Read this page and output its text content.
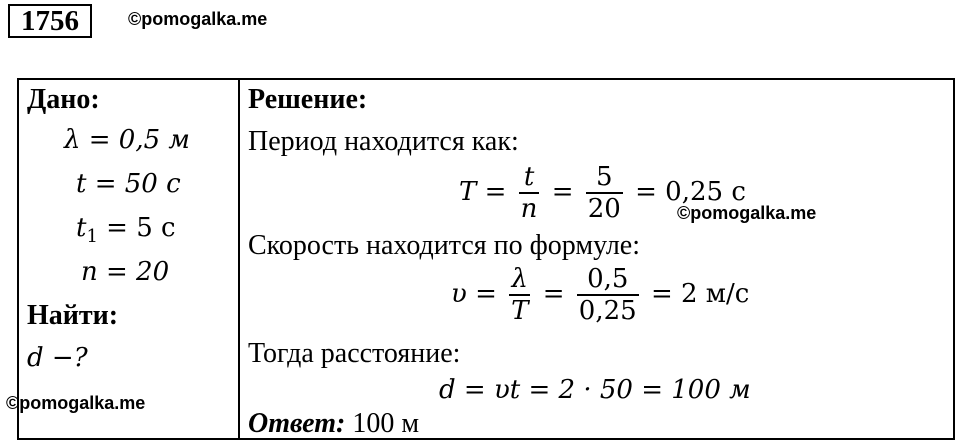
1756	©pomogalka.me
Дано:
λ = 0,5 м
t = 50 с
$t_1 = 5$ с
n = 20
Найти:
d −?
Решение:
Период находится как:
$T = \frac{t}{n} = \frac{5}{20} = 0,25$ с
Скорость находится по формуле:
$\upsilon = \frac{\lambda}{T} = \frac{0,5}{0,25} = 2$ м/с
Тогда расстояние:
d = υt = 2 · 50 = 100 м
Ответ: 100 м
©pomogalka.me
©pomogalka.me
